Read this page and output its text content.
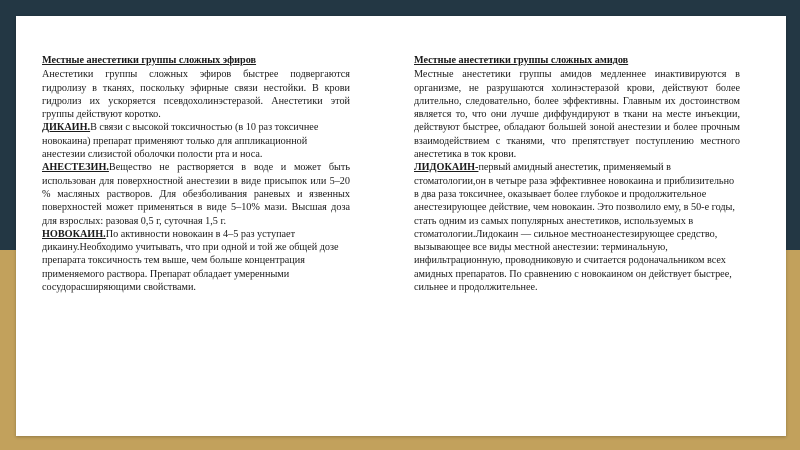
Местные анестетики группы сложных эфиров

Анестетики группы сложных эфиров быстрее подвергаются гидролизу в тканях, поскольку эфирные связи нестойки. В крови гидролиз их ускоряется псевдохолинэстеразой. Анестетики этой группы действуют коротко.

ДИКАИН.В связи с высокой токсичностью (в 10 раз токсичнее новокаина) препарат применяют только для аппликационной анестезии слизистой оболочки полости рта и носа.

АНЕСТЕЗИН.Вещество не растворяется в воде и может быть использован для поверхностной анестезии в виде присыпок или 5–20 % масляных растворов. Для обезболивания раневых и язвенных поверхностей может применяться в виде 5–10% мази. Высшая доза для взрослых: разовая 0,5 г, суточная 1,5 г.

НОВОКАИН.По активности новокаин в 4–5 раз уступает дикаину.Необходимо учитывать, что при одной и той же общей дозе препарата токсичность тем выше, чем больше концентрация применяемого раствора. Препарат обладает умеренными сосудорасширяющими свойствами.

Местные анестетики группы сложных амидов

Местные анестетики группы амидов медленнее инактивируются в организме, не разрушаются холинэстеразой крови, действуют более длительно, следовательно, более эффективны. Главным их достоинством является то, что они лучше диффундируют в ткани на месте инъекции, действуют быстрее, обладают большей зоной анестезии и более прочным взаимодействием с тканями, что препятствует поступлению местного анестетика в ток крови.

ЛИДОКАИН-первый амидный анестетик, применяемый в стоматологии,он в четыре раза эффективнее новокаина и приблизительно в два раза токсичнее, оказывает более глубокое и продолжительное анестезирующее действие, чем новокаин. Это позволило ему, в 50-е годы, стать одним из самых популярных анестетиков, используемых в стоматологии.Лидокаин — сильное местноанестезирующее средство, вызывающее все виды местной анестезии: терминальную, инфильтрационную, проводниковую и считается родоначальником всех амидных препаратов. По сравнению с новокаином он действует быстрее, сильнее и продолжительнее.
